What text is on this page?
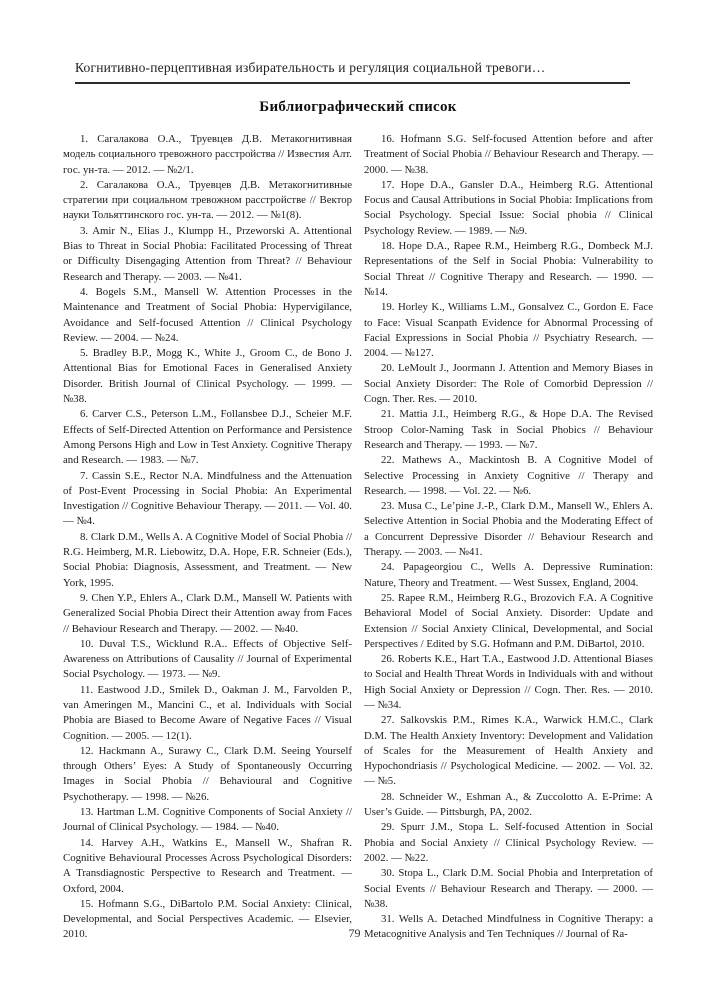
Когнитивно-перцептивная избирательность и регуляция социальной тревоги…
Библиографический список

1. Сагалакова О.А., Труевцев Д.В. Метакогнитивная модель социального тревожного расстройства // Известия Алт. гос. ун-та. — 2012. — №2/1.

2. Сагалакова О.А., Труевцев Д.В. Метакогнитивные стратегии при социальном тревожном расстройстве // Вектор науки Тольяттинского гос. ун-та. — 2012. — №1(8).

3. Amir N., Elias J., Klumpp H., Przeworski A. Attentional Bias to Threat in Social Phobia: Facilitated Processing of Threat or Difficulty Disengaging Attention from Threat? // Behaviour Research and Therapy. — 2003. — №41.

4. Bogels S.M., Mansell W. Attention Processes in the Maintenance and Treatment of Social Phobia: Hypervigilance, Avoidance and Self-focused Attention // Clinical Psychology Review. — 2004. — №24.

5. Bradley B.P., Mogg K., White J., Groom C., de Bono J. Attentional Bias for Emotional Faces in Generalised Anxiety Disorder. British Journal of Clinical Psychology. — 1999. — №38.

6. Carver C.S., Peterson L.M., Follansbee D.J., Scheier M.F. Effects of Self-Directed Attention on Performance and Persistence Among Persons High and Low in Test Anxiety. Cognitive Therapy and Research. — 1983. — №7.

7. Cassin S.E., Rector N.A. Mindfulness and the Attenuation of Post-Event Processing in Social Phobia: An Experimental Investigation // Cognitive Behaviour Therapy. — 2011. — Vol. 40. — №4.

8. Clark D.M., Wells A. A Cognitive Model of Social Phobia // R.G. Heimberg, M.R. Liebowitz, D.A. Hope, F.R. Schneier (Eds.), Social Phobia: Diagnosis, Assessment, and Treatment. — New York, 1995.

9. Chen Y.P., Ehlers A., Clark D.M., Mansell W. Patients with Generalized Social Phobia Direct their Attention away from Faces // Behaviour Research and Therapy. — 2002. — №40.

10. Duval T.S., Wicklund R.A.. Effects of Objective Self-Awareness on Attributions of Causality // Journal of Experimental Social Psychology. — 1973. — №9.

11. Eastwood J.D., Smilek D., Oakman J. M., Farvolden P., van Ameringen M., Mancini C., et al. Individuals with Social Phobia are Biased to Become Aware of Negative Faces // Visual Cognition. — 2005. — 12(1).

12. Hackmann A., Surawy C., Clark D.M. Seeing Yourself through Others’ Eyes: A Study of Spontaneously Occurring Images in Social Phobia // Behavioural and Cognitive Psychotherapy. — 1998. — №26.

13. Hartman L.M. Cognitive Components of Social Anxiety // Journal of Clinical Psychology. — 1984. — №40.

14. Harvey A.H., Watkins E., Mansell W., Shafran R. Cognitive Behavioural Processes Across Psychological Disorders: A Transdiagnostic Perspective to Research and Treatment. — Oxford, 2004.

15. Hofmann S.G., DiBartolo P.M. Social Anxiety: Clinical, Developmental, and Social Perspectives Academic. — Elsevier, 2010.

16. Hofmann S.G. Self-focused Attention before and after Treatment of Social Phobia // Behaviour Research and Therapy. — 2000. — №38.

17. Hope D.A., Gansler D.A., Heimberg R.G. Attentional Focus and Causal Attributions in Social Phobia: Implications from Social Psychology. Special Issue: Social phobia // Clinical Psychology Review. — 1989. — №9.

18. Hope D.A., Rapee R.M., Heimberg R.G., Dombeck M.J. Representations of the Self in Social Phobia: Vulnerability to Social Threat // Cognitive Therapy and Research. — 1990. — №14.

19. Horley K., Williams L.M., Gonsalvez C., Gordon E. Face to Face: Visual Scanpath Evidence for Abnormal Processing of Facial Expressions in Social Phobia // Psychiatry Research. — 2004. — №127.

20. LeMoult J., Joormann J. Attention and Memory Biases in Social Anxiety Disorder: The Role of Comorbid Depression // Cogn. Ther. Res. — 2010.

21. Mattia J.I., Heimberg R.G., & Hope D.A. The Revised Stroop Color-Naming Task in Social Phobics // Behaviour Research and Therapy. — 1993. — №7.

22. Mathews A., Mackintosh B. A Cognitive Model of Selective Processing in Anxiety Cognitive // Therapy and Research. — 1998. — Vol. 22. — №6.

23. Musa C., Le’pine J.-P., Clark D.M., Mansell W., Ehlers A. Selective Attention in Social Phobia and the Moderating Effect of a Concurrent Depressive Disorder // Behaviour Research and Therapy. — 2003. — №41.

24. Papageorgiou C., Wells A. Depressive Rumination: Nature, Theory and Treatment. — West Sussex, England, 2004.

25. Rapee R.M., Heimberg R.G., Brozovich F.A. A Cognitive Behavioral Model of Social Anxiety. Disorder: Update and Extension // Social Anxiety Clinical, Developmental, and Social Perspectives / Edited by S.G. Hofmann and P.M. DiBartol, 2010.

26. Roberts K.E., Hart T.A., Eastwood J.D. Attentional Biases to Social and Health Threat Words in Individuals with and without High Social Anxiety or Depression // Cogn. Ther. Res. — 2010. — №34.

27. Salkovskis P.M., Rimes K.A., Warwick H.M.C., Clark D.M. The Health Anxiety Inventory: Development and Validation of Scales for the Measurement of Health Anxiety and Hypochondriasis // Psychological Medicine. — 2002. — Vol. 32. — №5.

28. Schneider W., Eshman A., & Zuccolotto A. E-Prime: A User’s Guide. — Pittsburgh, PA, 2002.

29. Spurr J.M., Stopa L. Self-focused Attention in Social Phobia and Social Anxiety // Clinical Psychology Review. — 2002. — №22.

30. Stopa L., Clark D.M. Social Phobia and Interpretation of Social Events // Behaviour Research and Therapy. — 2000. — №38.

31. Wells A. Detached Mindfulness in Cognitive Therapy: a Metacognitive Analysis and Ten Techniques // Journal of Ra-

79
